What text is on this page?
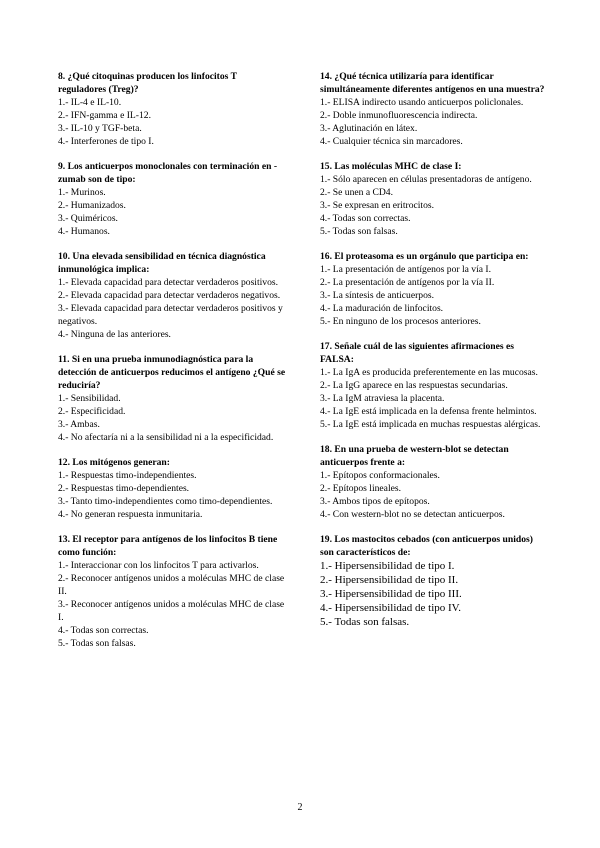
8. ¿Qué citoquinas producen los linfocitos T reguladores (Treg)?
1.- IL-4 e IL-10.
2.- IFN-gamma e IL-12.
3.- IL-10 y TGF-beta.
4.- Interferones de tipo I.
9. Los anticuerpos monoclonales con terminación en -zumab son de tipo:
1.- Murinos.
2.- Humanizados.
3.- Quiméricos.
4.- Humanos.
10. Una elevada sensibilidad en técnica diagnóstica inmunológica implica:
1.- Elevada capacidad para detectar verdaderos positivos.
2.- Elevada capacidad para detectar verdaderos negativos.
3.- Elevada capacidad para detectar verdaderos positivos y negativos.
4.- Ninguna de las anteriores.
11. Si en una prueba inmunodiagnóstica para la detección de anticuerpos reducimos el antígeno ¿Qué se reduciría?
1.- Sensibilidad.
2.- Especificidad.
3.- Ambas.
4.- No afectaría ni a la sensibilidad ni a la especificidad.
12. Los mitógenos generan:
1.- Respuestas timo-independientes.
2.- Respuestas timo-dependientes.
3.- Tanto timo-independientes como timo-dependientes.
4.- No generan respuesta inmunitaria.
13. El receptor para antígenos de los linfocitos B tiene como función:
1.- Interaccionar con los linfocitos T para activarlos.
2.- Reconocer antígenos unidos a moléculas MHC de clase II.
3.- Reconocer antígenos unidos a moléculas MHC de clase I.
4.- Todas son correctas.
5.- Todas son falsas.
14. ¿Qué técnica utilizaría para identificar simultáneamente diferentes antígenos en una muestra?
1.- ELISA indirecto usando anticuerpos policlonales.
2.- Doble inmunofluorescencia indirecta.
3.- Aglutinación en látex.
4.- Cualquier técnica sin marcadores.
15. Las moléculas MHC de clase I:
1.- Sólo aparecen en células presentadoras de antígeno.
2.- Se unen a CD4.
3.- Se expresan en eritrocitos.
4.- Todas son correctas.
5.- Todas son falsas.
16. El proteasoma es un orgánulo que participa en:
1.- La presentación de antígenos por la vía I.
2.- La presentación de antígenos por la vía II.
3.- La síntesis de anticuerpos.
4.- La maduración de linfocitos.
5.- En ninguno de los procesos anteriores.
17. Señale cuál de las siguientes afirmaciones es FALSA:
1.- La IgA es producida preferentemente en las mucosas.
2.- La IgG aparece en las respuestas secundarias.
3.- La IgM atraviesa la placenta.
4.- La IgE está implicada en la defensa frente helmintos.
5.- La IgE está implicada en muchas respuestas alérgicas.
18. En una prueba de western-blot se detectan anticuerpos frente a:
1.- Epítopos conformacionales.
2.- Epítopos lineales.
3.- Ambos tipos de epítopos.
4.- Con western-blot no se detectan anticuerpos.
19. Los mastocitos cebados (con anticuerpos unidos) son característicos de:
1.- Hipersensibilidad de tipo I.
2.- Hipersensibilidad de tipo II.
3.- Hipersensibilidad de tipo III.
4.- Hipersensibilidad de tipo IV.
5.- Todas son falsas.
2
